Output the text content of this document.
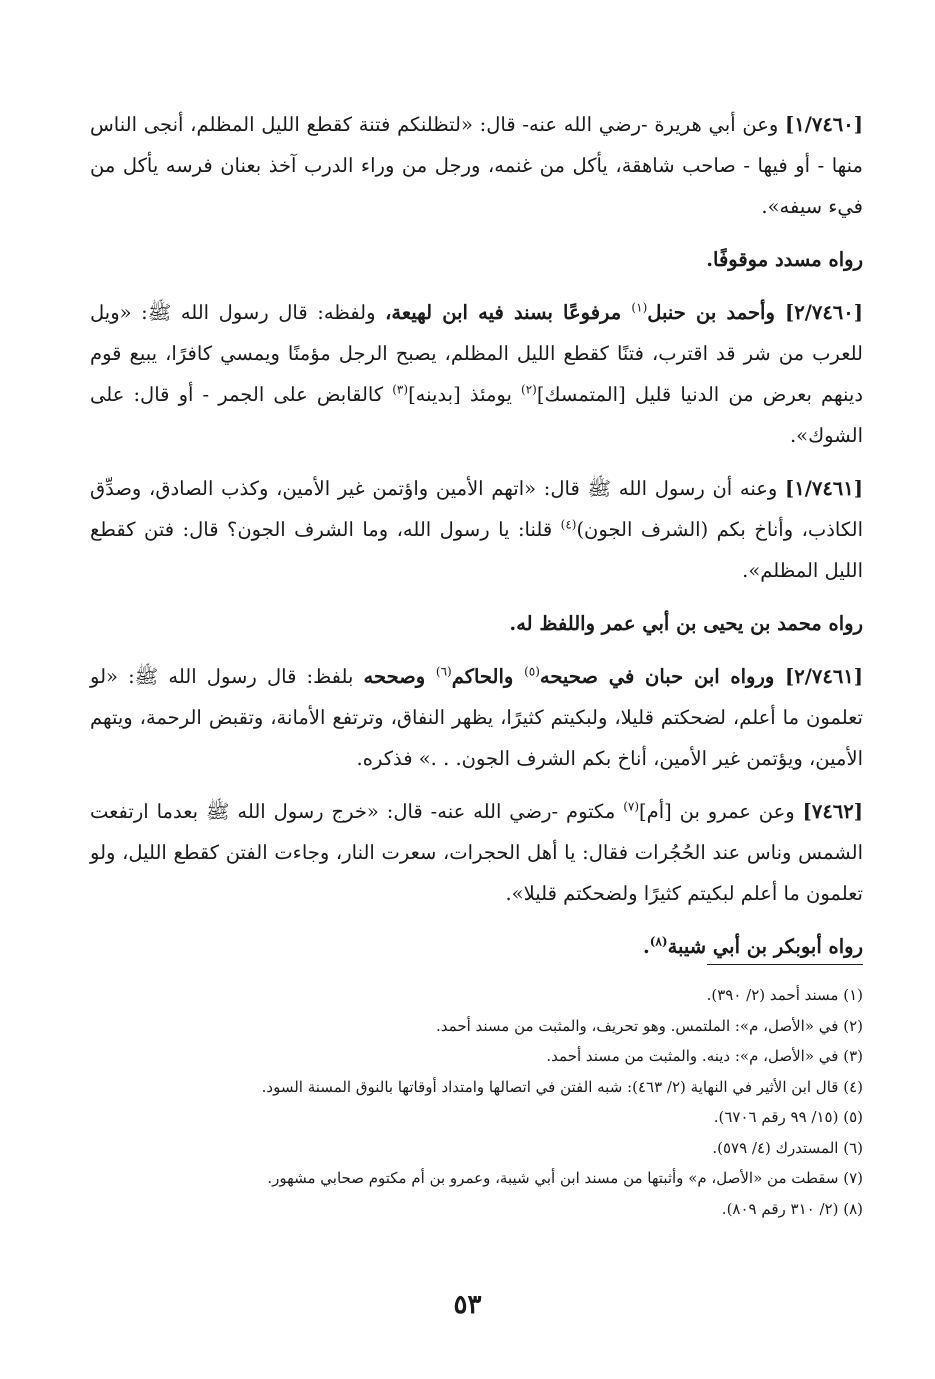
[١/٧٤٦٠] وعن أبي هريرة -رضي الله عنه- قال: «لتظلنكم فتنة كقطع الليل المظلم، أنجى الناس منها - أو فيها - صاحب شاهقة، يأكل من غنمه، ورجل من وراء الدرب آخذ بعنان فرسه يأكل من فيء سيفه».

رواه مسدد موقوفًا.

[٢/٧٤٦٠] وأحمد بن حنبل$^{(١)}$ مرفوعًا بسند فيه ابن لهيعة، ولفظه: قال رسول الله ﷺ: «ويل للعرب من شر قد اقترب، فتنًا كقطع الليل المظلم، يصبح الرجل مؤمنًا ويمسي كافرًا، يبيع قوم دينهم بعرض من الدنيا قليل [المتمسك]$^{(٢)}$ يومئذ [بدينه]$^{(٣)}$ كالقابض على الجمر - أو قال: على الشوك».

[١/٧٤٦١] وعنه أن رسول الله ﷺ قال: «اتهم الأمين واؤتمن غير الأمين، وكذب الصادق، وصدِّق الكاذب، وأناخ بكم (الشرف الجون)$^{(٤)}$ قلنا: يا رسول الله، وما الشرف الجون؟ قال: فتن كقطع الليل المظلم».

رواه محمد بن يحيى بن أبي عمر واللفظ له.

[٢/٧٤٦١] ورواه ابن حبان في صحيحه$^{(٥)}$ والحاكم$^{(٦)}$ وصححه بلفظ: قال رسول الله ﷺ: «لو تعلمون ما أعلم، لضحكتم قليلا، ولبكيتم كثيرًا، يظهر النفاق، وترتفع الأمانة، وتقبض الرحمة، ويتهم الأمين، ويؤتمن غير الأمين، أناخ بكم الشرف الجون. . .» فذكره.

[٧٤٦٢] وعن عمرو بن [أم]$^{(٧)}$ مكتوم -رضي الله عنه- قال: «خرج رسول الله ﷺ بعدما ارتفعت الشمس وناس عند الحُجُرات فقال: يا أهل الحجرات، سعرت النار، وجاءت الفتن كقطع الليل، ولو تعلمون ما أعلم لبكيتم كثيرًا ولضحكتم قليلا».

رواه أبوبكر بن أبي شيبة$^{(٨)}$.

(١) مسند أحمد (٢/ ٣٩٠).

(٢) في «الأصل، م»: الملتمس. وهو تحريف، والمثبت من مسند أحمد.

(٣) في «الأصل، م»: دينه. والمثبت من مسند أحمد.

(٤) قال ابن الأثير في النهاية (٢/ ٤٦٣): شبه الفتن في اتصالها وامتداد أوقاتها بالنوق المسنة السود.

(٥) (١٥/ ٩٩ رقم ٦٧٠٦).

(٦) المستدرك (٤/ ٥٧٩).

(٧) سقطت من «الأصل، م» وأثبتها من مسند ابن أبي شيبة، وعمرو بن أم مكتوم صحابي مشهور.

(٨) (٢/ ٣١٠ رقم ٨٠٩).

٥٣
